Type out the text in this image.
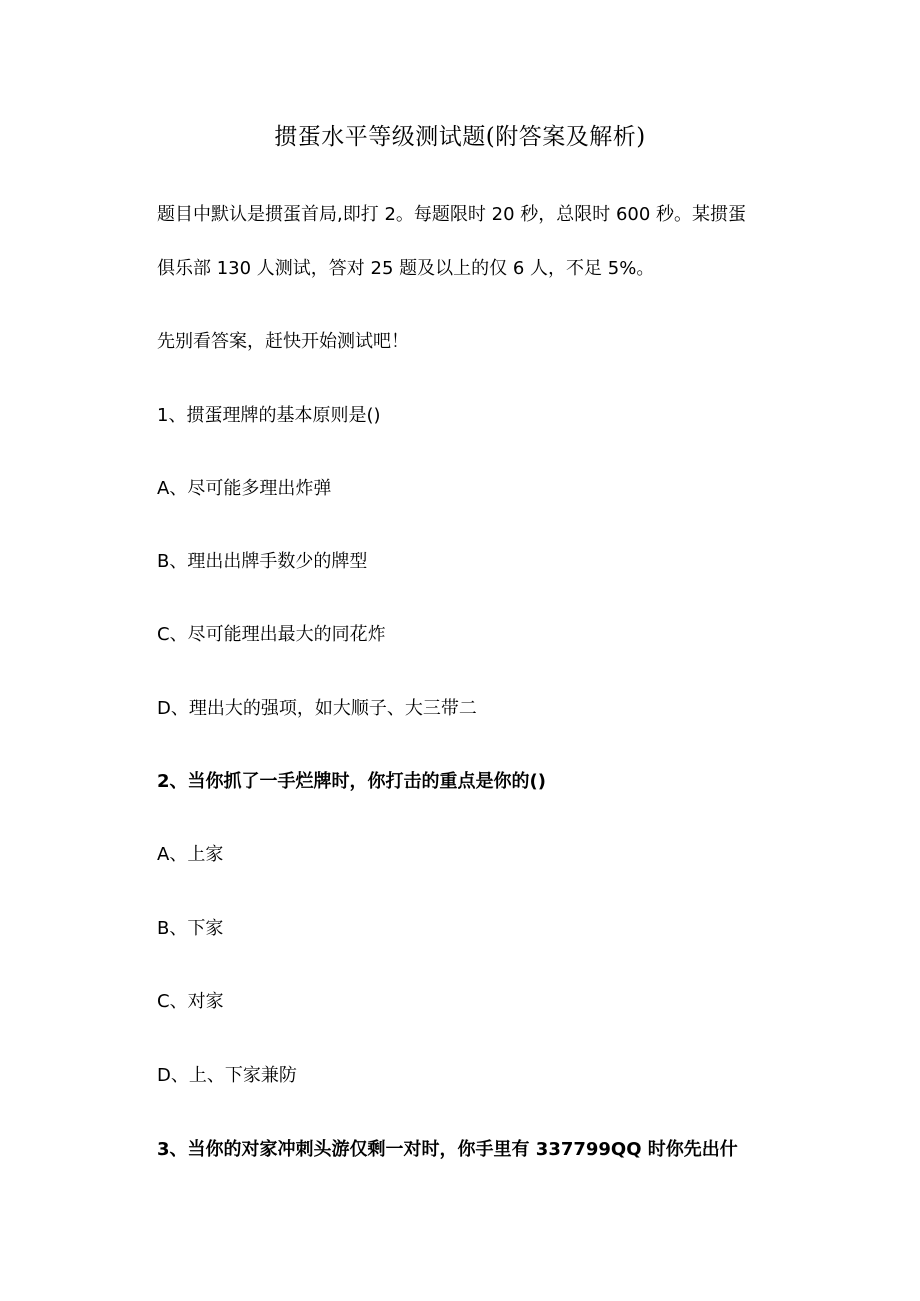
掼蛋水平等级测试题(附答案及解析)
题目中默认是掼蛋首局,即打 2。每题限时 20 秒，总限时 600 秒。某掼蛋
俱乐部 130 人测试，答对 25 题及以上的仅 6 人，不足 5%。
先别看答案，赶快开始测试吧！
1、掼蛋理牌的基本原则是()
A、尽可能多理出炸弹
B、理出出牌手数少的牌型
C、尽可能理出最大的同花炸
D、理出大的强项，如大顺子、大三带二
2、当你抓了一手烂牌时，你打击的重点是你的()
A、上家
B、下家
C、对家
D、上、下家兼防
3、当你的对家冲刺头游仅剩一对时，你手里有 337799QQ 时你先出什
